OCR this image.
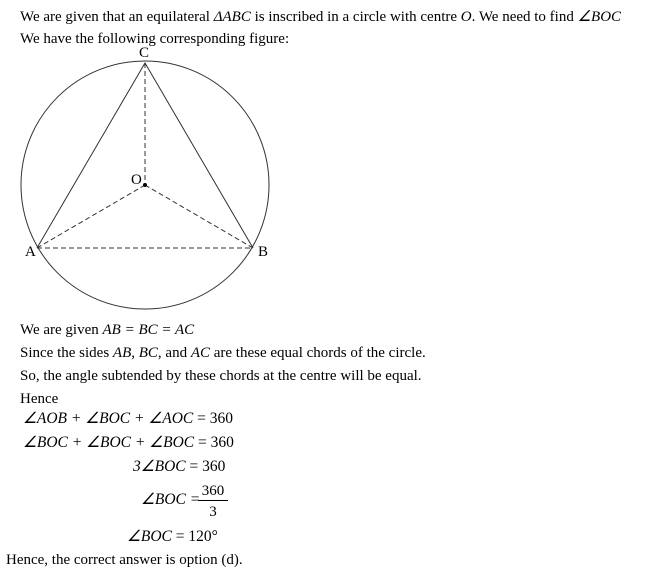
We are given that an equilateral ΔABC is inscribed in a circle with centre O. We need to find ∠BOC
We have the following corresponding figure:
C
O
A	B
We are given AB = BC = AC
Since the sides AB, BC, and AC are these equal chords of the circle.
So, the angle subtended by these chords at the centre will be equal.
Hence
∠AOB + ∠BOC + ∠AOC = 360
∠BOC + ∠BOC + ∠BOC = 360
3∠BOC = 360
∠BOC = 360
3
∠BOC = 120°
Hence, the correct answer is option (d).
